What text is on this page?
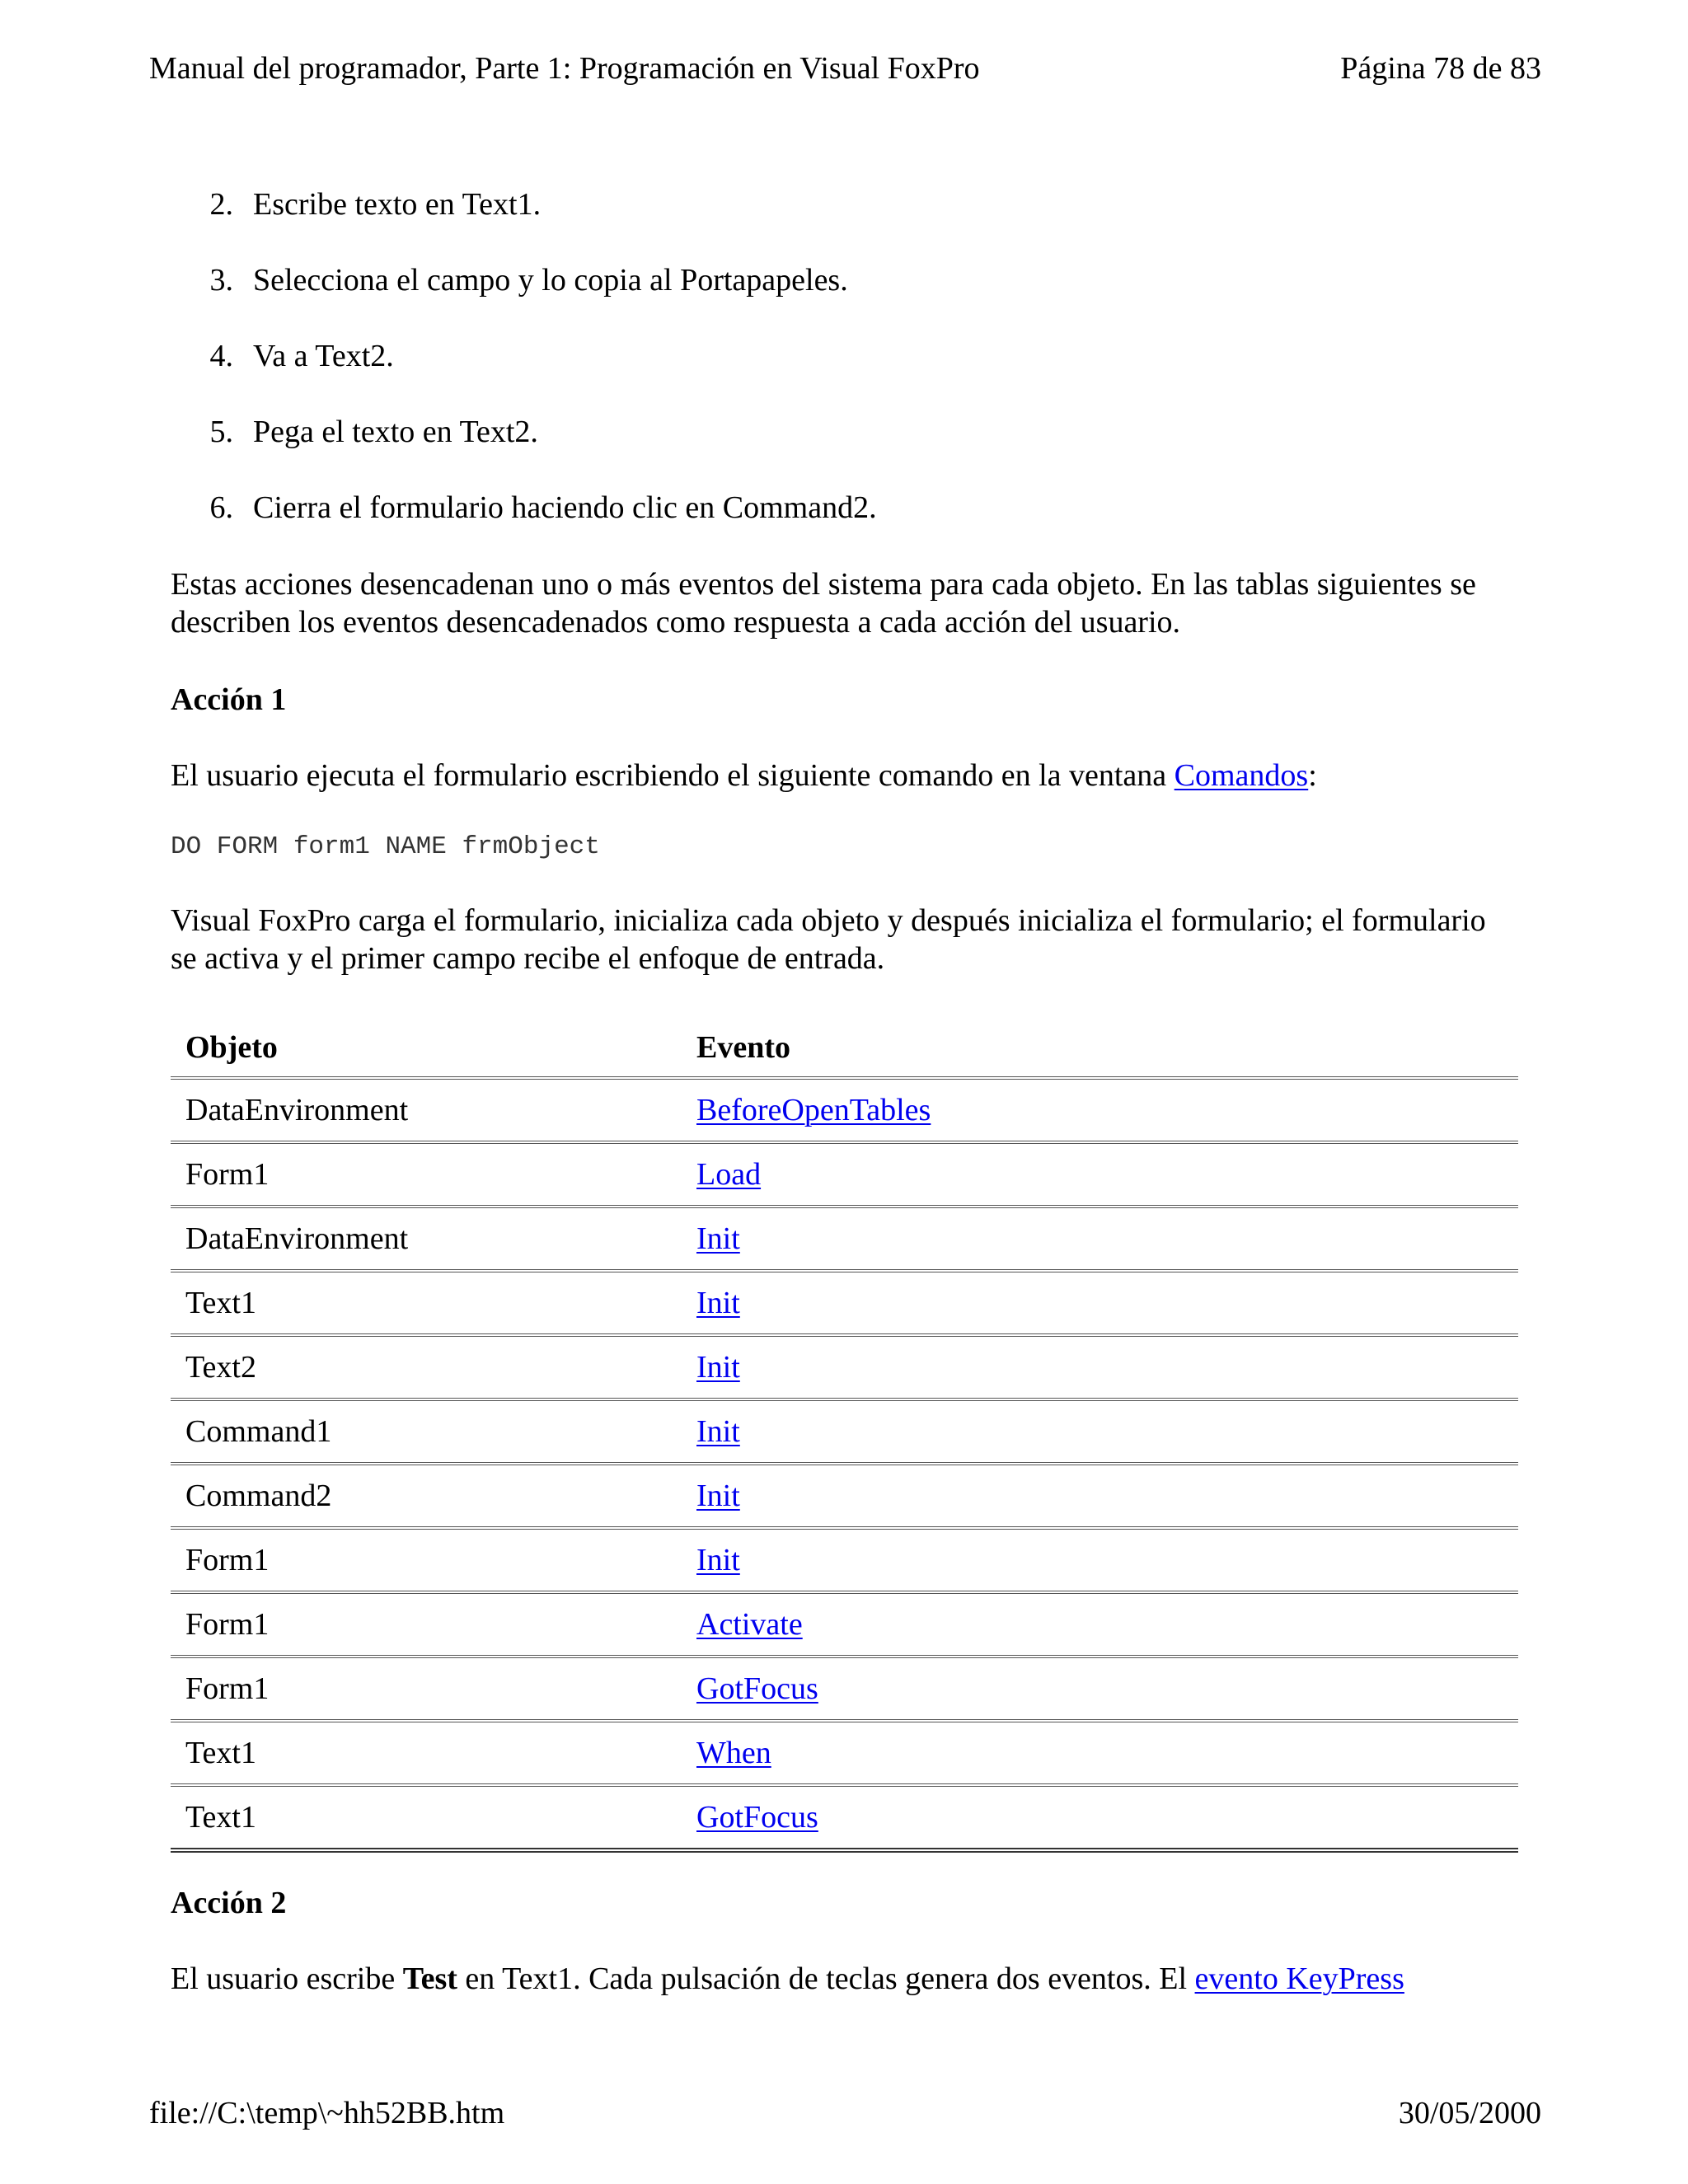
Manual del programador, Parte 1: Programación en Visual FoxPro	Página 78 de 83
2. Escribe texto en Text1.
3. Selecciona el campo y lo copia al Portapapeles.
4. Va a Text2.
5. Pega el texto en Text2.
6. Cierra el formulario haciendo clic en Command2.
Estas acciones desencadenan uno o más eventos del sistema para cada objeto. En las tablas siguientes se describen los eventos desencadenados como respuesta a cada acción del usuario.
Acción 1
El usuario ejecuta el formulario escribiendo el siguiente comando en la ventana Comandos:
DO FORM form1 NAME frmObject
Visual FoxPro carga el formulario, inicializa cada objeto y después inicializa el formulario; el formulario se activa y el primer campo recibe el enfoque de entrada.
Objeto	Evento
DataEnvironment	BeforeOpenTables
Form1	Load
DataEnvironment	Init
Text1	Init
Text2	Init
Command1	Init
Command2	Init
Form1	Init
Form1	Activate
Form1	GotFocus
Text1	When
Text1	GotFocus
Acción 2
El usuario escribe Test en Text1. Cada pulsación de teclas genera dos eventos. El evento KeyPress
file://C:\temp\~hh52BB.htm	30/05/2000
